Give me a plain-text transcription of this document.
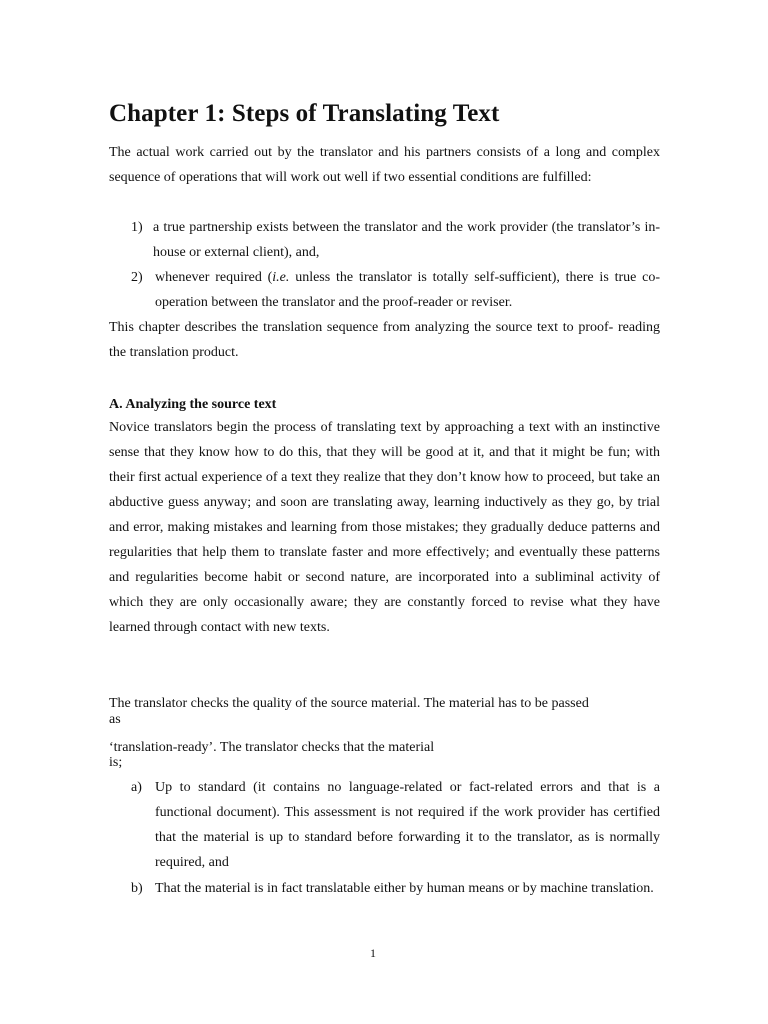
Chapter 1: Steps of Translating Text
The actual work carried out by the translator and his partners consists of a long and complex sequence of operations that will work out well if two essential conditions are fulfilled:
1) a true partnership exists between the translator and the work provider (the translator’s in-house or external client), and,
2) whenever required (i.e. unless the translator is totally self-sufficient), there is true co-operation between the translator and the proof-reader or reviser.
This chapter describes the translation sequence from analyzing the source text to proof- reading the translation product.
A. Analyzing the source text
Novice translators begin the process of translating text by approaching a text with an instinctive sense that they know how to do this, that they will be good at it, and that it might be fun; with their first actual experience of a text they realize that they don’t know how to proceed, but take an abductive guess anyway; and soon are translating away, learning inductively as they go, by trial and error, making mistakes and learning from those mistakes; they gradually deduce patterns and regularities that help them to translate faster and more effectively; and eventually these patterns and regularities become habit or second nature, are incorporated into a subliminal activity of which they are only occasionally aware; they are constantly forced to revise what they have learned through contact with new texts.
The translator checks the quality of the source material. The material has to be passed
as
‘translation-ready’. The translator checks that the material
is;
a) Up to standard (it contains no language-related or fact-related errors and that is a functional document). This assessment is not required if the work provider has certified that the material is up to standard before forwarding it to the translator, as is normally required, and
b) That the material is in fact translatable either by human means or by machine translation.
1
